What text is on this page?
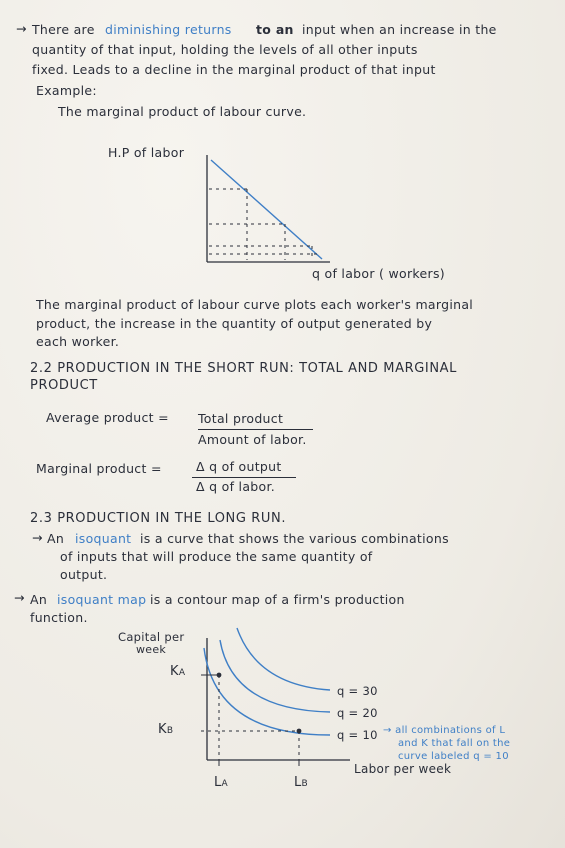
→ There are diminishing returns to an input when an increase in the
quantity of that input, holding the levels of all other inputs
fixed. Leads to a decline in the marginal product of that input
Example:
The marginal product of labour curve.
H.P of labor
q of labor ( workers)
The marginal product of labour curve plots each worker's marginal
product, the increase in the quantity of output generated by
each worker.
2.2 PRODUCTION IN THE SHORT RUN: TOTAL AND MARGINAL
PRODUCT
Average product = Total product
Amount of labor.
Marginal product =	Δ q of output
Δ q of labor.
2.3 PRODUCTION IN THE LONG RUN.
→ An isoquant is a curve that shows the various combinations
of inputs that will produce the same quantity of
output.
→ An isoquant map is a contour map of a firm's production
function.
Capital per
week
KA
KB
LA	LB
q = 30
q = 20
q = 10 → all combinations of L
and K that fall on the
curve labeled q = 10
Labor per week
